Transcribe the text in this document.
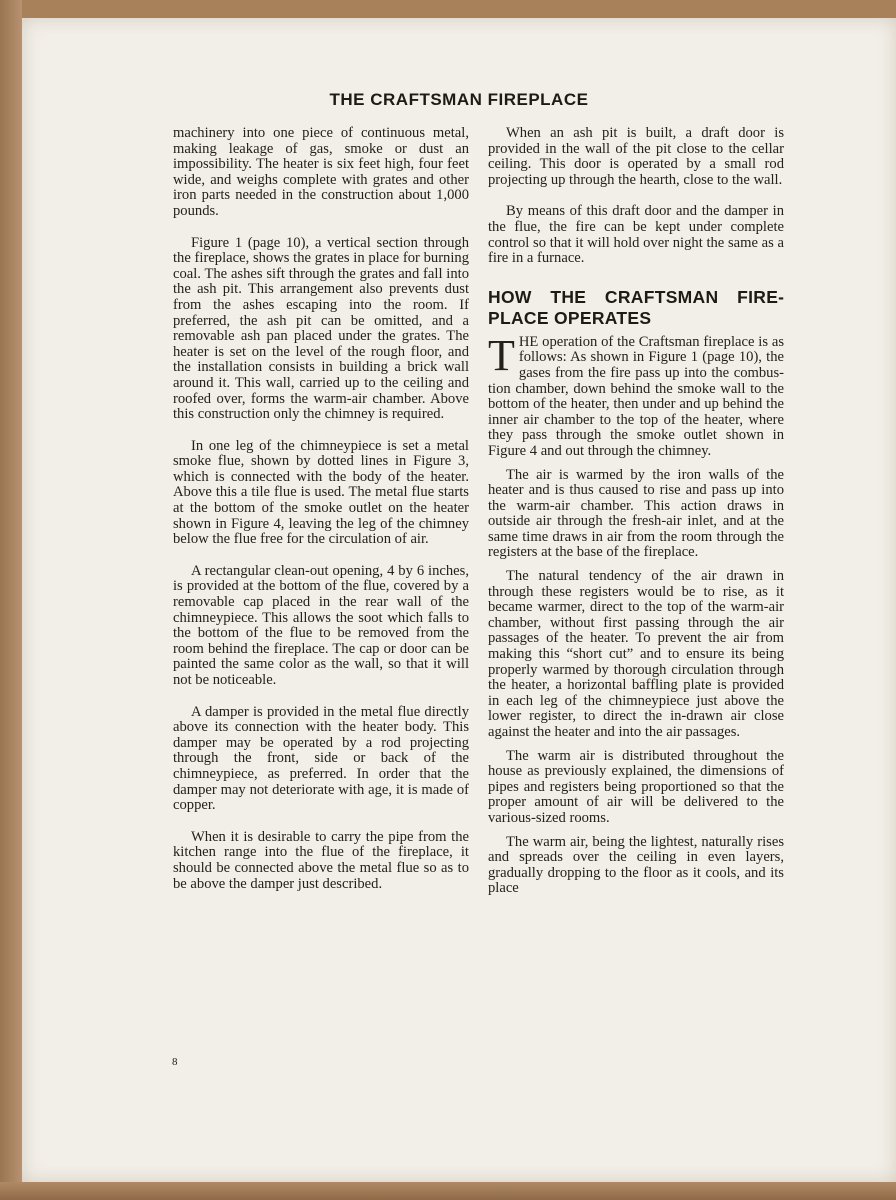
THE CRAFTSMAN FIREPLACE

machinery into one piece of continuous metal, making leakage of gas, smoke or dust an impossibility. The heater is six feet high, four feet wide, and weighs complete with grates and other iron parts needed in the construction about 1,000 pounds.

Figure 1 (page 10), a vertical section through the fireplace, shows the grates in place for burning coal. The ashes sift through the grates and fall into the ash pit. This arrangement also prevents dust from the ashes escaping into the room. If preferred, the ash pit can be omitted, and a removable ash pan placed under the grates. The heater is set on the level of the rough floor, and the installation consists in building a brick wall around it. This wall, carried up to the ceiling and roofed over, forms the warm-air chamber. Above this construction only the chimney is required.

In one leg of the chimneypiece is set a metal smoke flue, shown by dotted lines in Figure 3, which is connected with the body of the heater. Above this a tile flue is used. The metal flue starts at the bottom of the smoke outlet on the heater shown in Figure 4, leaving the leg of the chimney below the flue free for the circulation of air.

A rectangular clean-out opening, 4 by 6 inches, is provided at the bottom of the flue, covered by a removable cap placed in the rear wall of the chimneypiece. This allows the soot which falls to the bottom of the flue to be removed from the room behind the fireplace. The cap or door can be painted the same color as the wall, so that it will not be noticeable.

A damper is provided in the metal flue directly above its connection with the heater body. This damper may be operated by a rod projecting through the front, side or back of the chimneypiece, as preferred. In order that the damper may not deteriorate with age, it is made of copper.

When it is desirable to carry the pipe from the kitchen range into the flue of the fireplace, it should be connected above the metal flue so as to be above the damper just described.

When an ash pit is built, a draft door is provided in the wall of the pit close to the cellar ceiling. This door is operated by a small rod projecting up through the hearth, close to the wall.

By means of this draft door and the damper in the flue, the fire can be kept under complete control so that it will hold over night the same as a fire in a furnace.

HOW THE CRAFTSMAN FIREPLACE OPERATES

THE operation of the Craftsman fireplace is as follows: As shown in Figure 1 (page 10), the gases from the fire pass up into the combustion chamber, down behind the smoke wall to the bottom of the heater, then under and up behind the inner air chamber to the top of the heater, where they pass through the smoke outlet shown in Figure 4 and out through the chimney.

The air is warmed by the iron walls of the heater and is thus caused to rise and pass up into the warm-air chamber. This action draws in outside air through the fresh-air inlet, and at the same time draws in air from the room through the registers at the base of the fireplace.

The natural tendency of the air drawn in through these registers would be to rise, as it became warmer, direct to the top of the warm-air chamber, without first passing through the air passages of the heater. To prevent the air from making this “short cut” and to ensure its being properly warmed by thorough circulation through the heater, a horizontal baffling plate is provided in each leg of the chimneypiece just above the lower register, to direct the in-drawn air close against the heater and into the air passages.

The warm air is distributed throughout the house as previously explained, the dimensions of pipes and registers being proportioned so that the proper amount of air will be delivered to the various-sized rooms.

The warm air, being the lightest, naturally rises and spreads over the ceiling in even layers, gradually dropping to the floor as it cools, and its place

8
